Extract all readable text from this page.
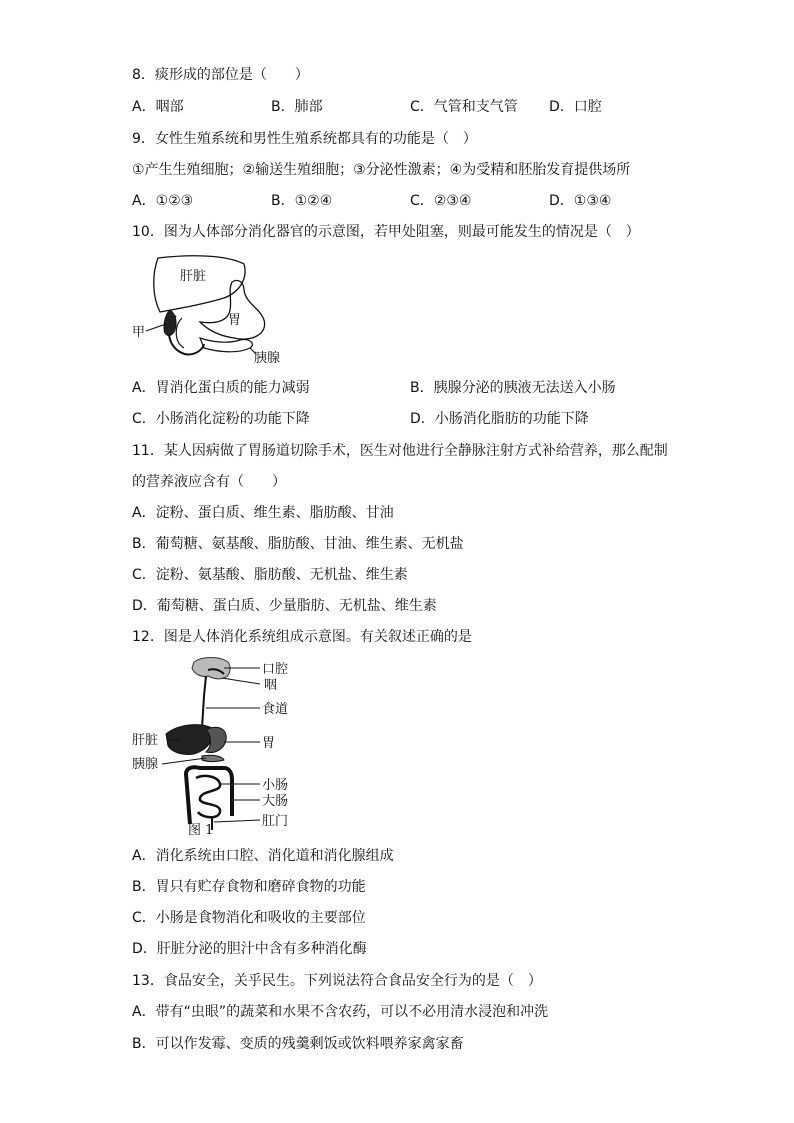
8．痰形成的部位是（　　）
A．咽部	B．肺部	C．气管和支气管 D．口腔
9．女性生殖系统和男性生殖系统都具有的功能是（　）
①产生生殖细胞；②输送生殖细胞；③分泌性激素；④为受精和胚胎发育提供场所
A．①②③	B．①②④	C．②③④	D．①③④
10．图为人体部分消化器官的示意图，若甲处阻塞，则最可能发生的情况是（　）
肝脏
胃
甲
胰腺
A．胃消化蛋白质的能力减弱	B．胰腺分泌的胰液无法送入小肠
C．小肠消化淀粉的功能下降	D．小肠消化脂肪的功能下降
11．某人因病做了胃肠道切除手术，医生对他进行全静脉注射方式补给营养，那么配制
的营养液应含有（　　）
A．淀粉、蛋白质、维生素、脂肪酸、甘油
B．葡萄糖、氨基酸、脂肪酸、甘油、维生素、无机盐
C．淀粉、氨基酸、脂肪酸、无机盐、维生素
D．葡萄糖、蛋白质、少量脂肪、无机盐、维生素
12．图是人体消化系统组成示意图。有关叙述正确的是
口腔
咽
食道
肝脏	胃
胰腺
小肠
大肠
肛门
图 1
A．消化系统由口腔、消化道和消化腺组成
B．胃只有贮存食物和磨碎食物的功能
C．小肠是食物消化和吸收的主要部位
D．肝脏分泌的胆汁中含有多种消化酶
13．食品安全，关乎民生。下列说法符合食品安全行为的是（　）
A．带有“虫眼”的蔬菜和水果不含农药，可以不必用清水浸泡和冲洗
B．可以作发霉、变质的残羹剩饭或饮料喂养家禽家畜
